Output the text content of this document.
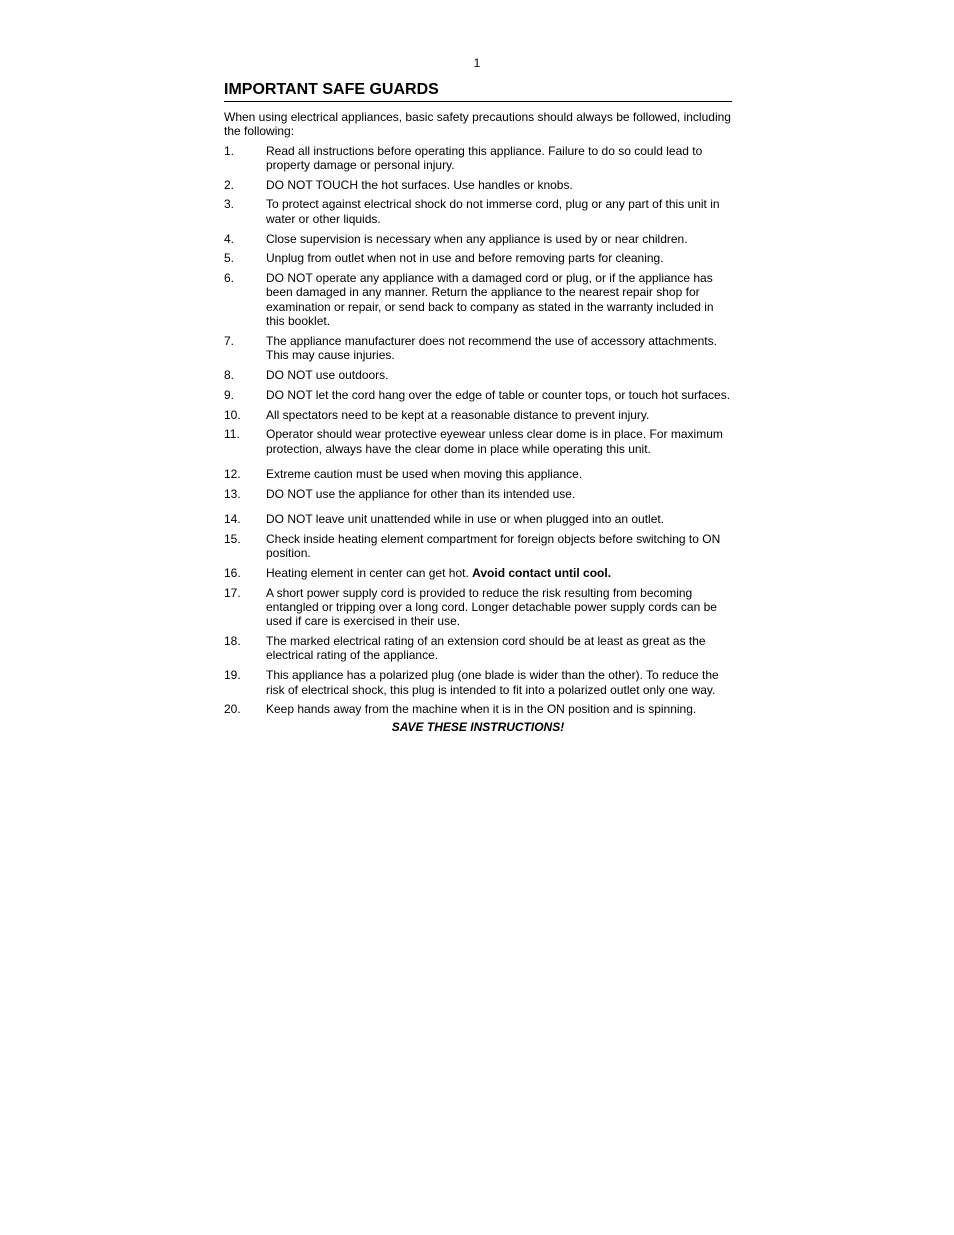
1
IMPORTANT SAFE GUARDS

When using electrical appliances, basic safety precautions should always be followed, including the following:

1.	Read all instructions before operating this appliance. Failure to do so could lead to property damage or personal injury.
2.	DO NOT TOUCH the hot surfaces. Use handles or knobs.
3.	To protect against electrical shock do not immerse cord, plug or any part of this unit in water or other liquids.
4.	Close supervision is necessary when any appliance is used by or near children.
5.	Unplug from outlet when not in use and before removing parts for cleaning.
6.	DO NOT operate any appliance with a damaged cord or plug, or if the appliance has been damaged in any manner. Return the appliance to the nearest repair shop for examination or repair, or send back to company as stated in the warranty included in this booklet.
7.	The appliance manufacturer does not recommend the use of accessory attachments. This may cause injuries.
8.	DO NOT use outdoors.
9.	DO NOT let the cord hang over the edge of table or counter tops, or touch hot surfaces.
10.	All spectators need to be kept at a reasonable distance to prevent injury.
11.	Operator should wear protective eyewear unless clear dome is in place. For maximum protection, always have the clear dome in place while operating this unit.
12.	Extreme caution must be used when moving this appliance.
13.	DO NOT use the appliance for other than its intended use.
14.	DO NOT leave unit unattended while in use or when plugged into an outlet.
15.	Check inside heating element compartment for foreign objects before switching to ON position.
16.	Heating element in center can get hot. Avoid contact until cool.
17.	A short power supply cord is provided to reduce the risk resulting from becoming entangled or tripping over a long cord. Longer detachable power supply cords can be used if care is exercised in their use.
18.	The marked electrical rating of an extension cord should be at least as great as the electrical rating of the appliance.
19.	This appliance has a polarized plug (one blade is wider than the other). To reduce the risk of electrical shock, this plug is intended to fit into a polarized outlet only one way.
20.	Keep hands away from the machine when it is in the ON position and is spinning.
SAVE THESE INSTRUCTIONS!
